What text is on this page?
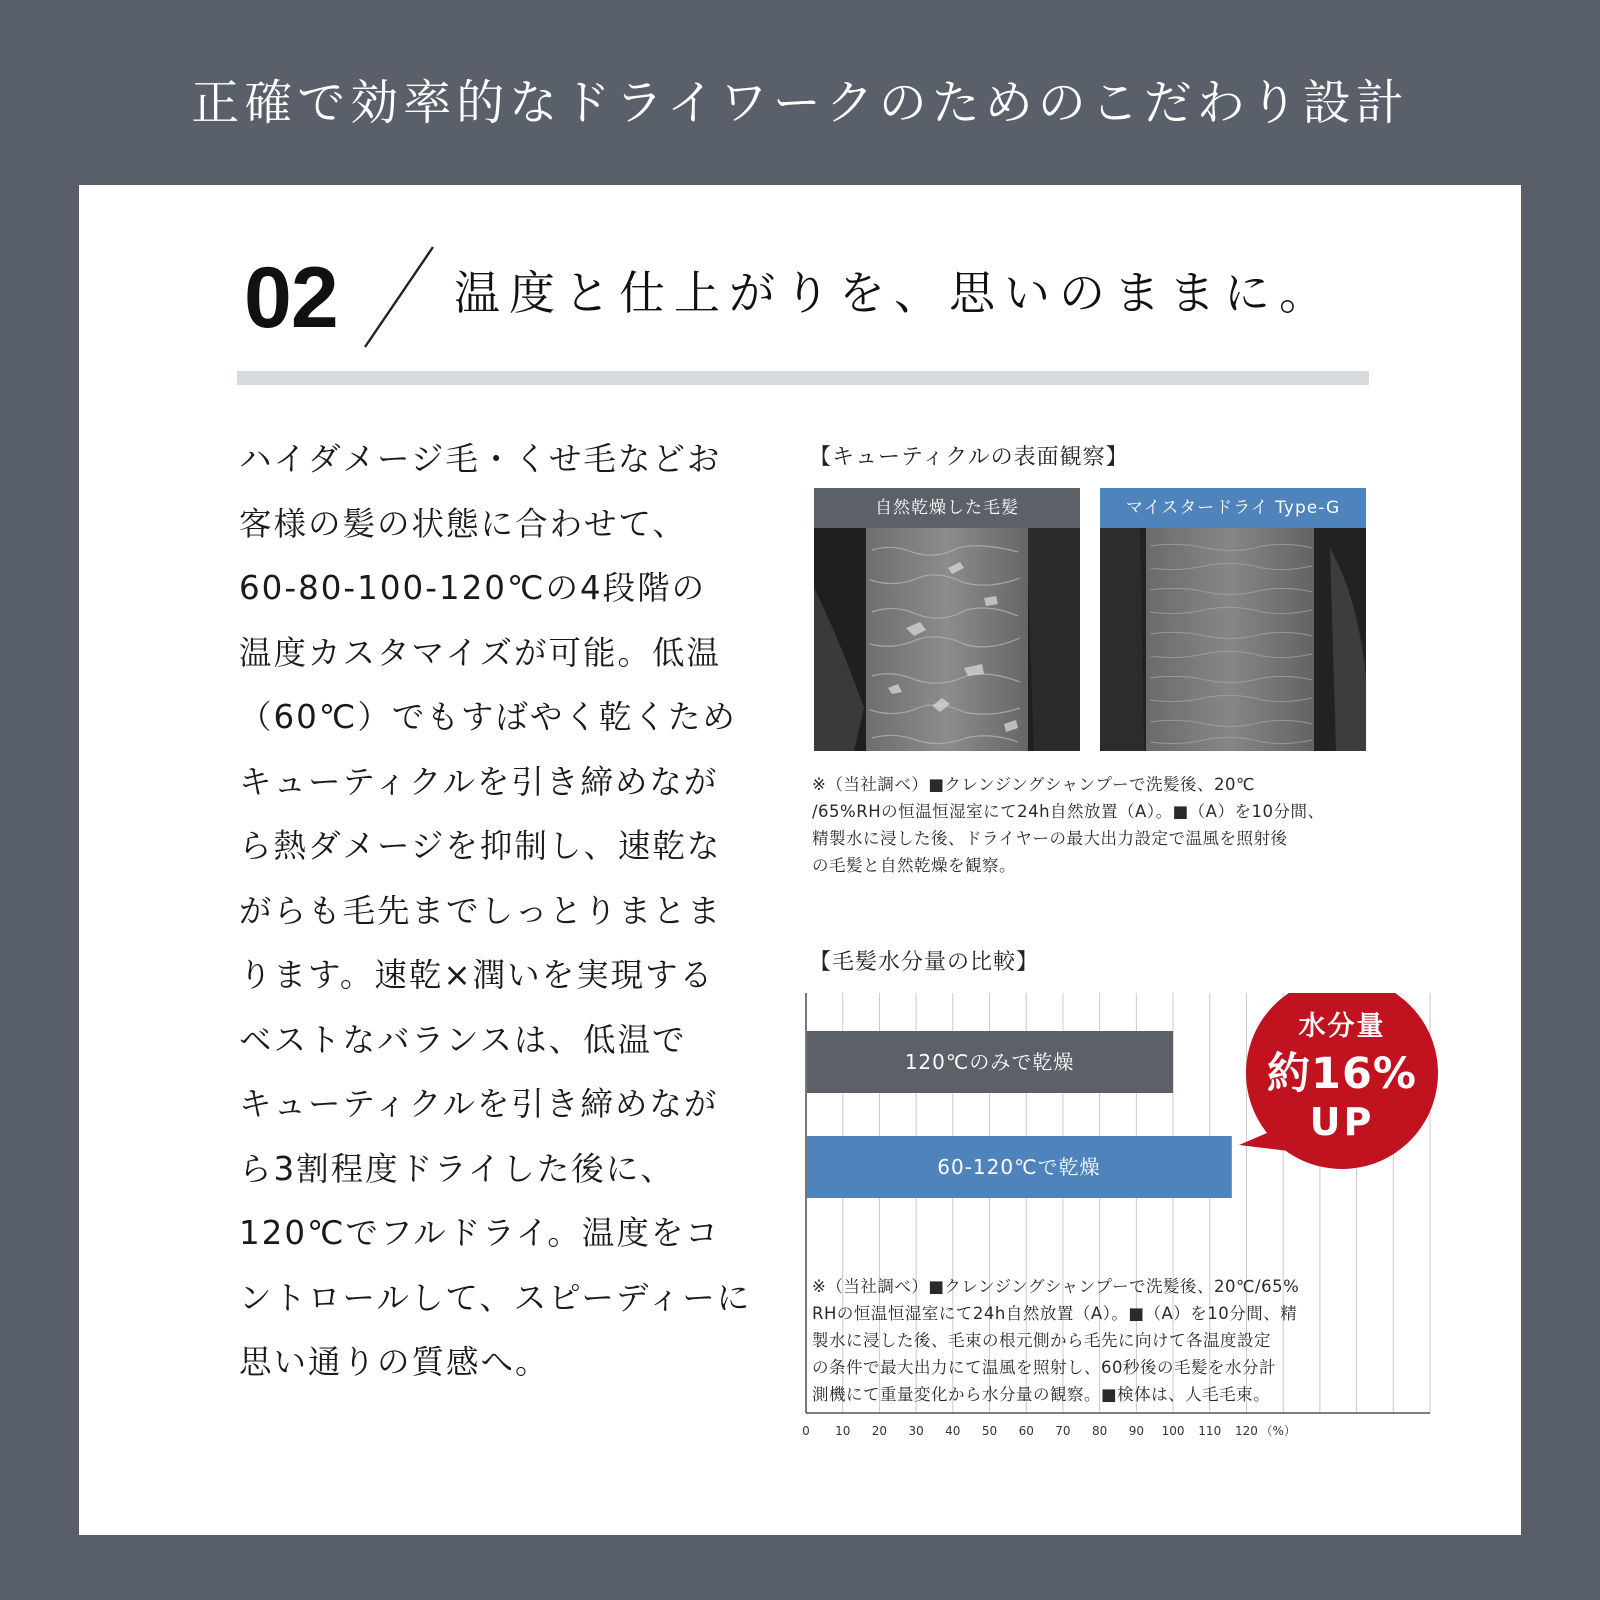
正確で効率的なドライワークのためのこだわり設計
02	温度と仕上がりを、思いのままに。
ハイダメージ毛・くせ毛などお
客様の髪の状態に合わせて、
60-80-100-120℃の4段階の
温度カスタマイズが可能。低温
（60℃）でもすばやく乾くため
キューティクルを引き締めなが
ら熱ダメージを抑制し、速乾な
がらも毛先までしっとりまとま
ります。速乾×潤いを実現する
ベストなバランスは、低温で
キューティクルを引き締めなが
ら3割程度ドライした後に、
120℃でフルドライ。温度をコ
ントロールして、スピーディーに
思い通りの質感へ。
【キューティクルの表面観察】
自然乾燥した毛髪	マイスタードライ Type-G
※（当社調べ）■クレンジングシャンプーで洗髪後、20℃
/65%RHの恒温恒湿室にて24h自然放置（A）。■（A）を10分間、
精製水に浸した後、ドライヤーの最大出力設定で温風を照射後
の毛髪と自然乾燥を観察。
【毛髪水分量の比較】
120℃のみで乾燥
60-120℃で乾燥
0 10 20 30 40 50 60 70 80 90 100 110 120 （%）
水分量
約16%
UP
※（当社調べ）■クレンジングシャンプーで洗髪後、20℃/65%
RHの恒温恒湿室にて24h自然放置（A）。■（A）を10分間、精
製水に浸した後、毛束の根元側から毛先に向けて各温度設定
の条件で最大出力にて温風を照射し、60秒後の毛髪を水分計
測機にて重量変化から水分量の観察。■検体は、人毛毛束。
